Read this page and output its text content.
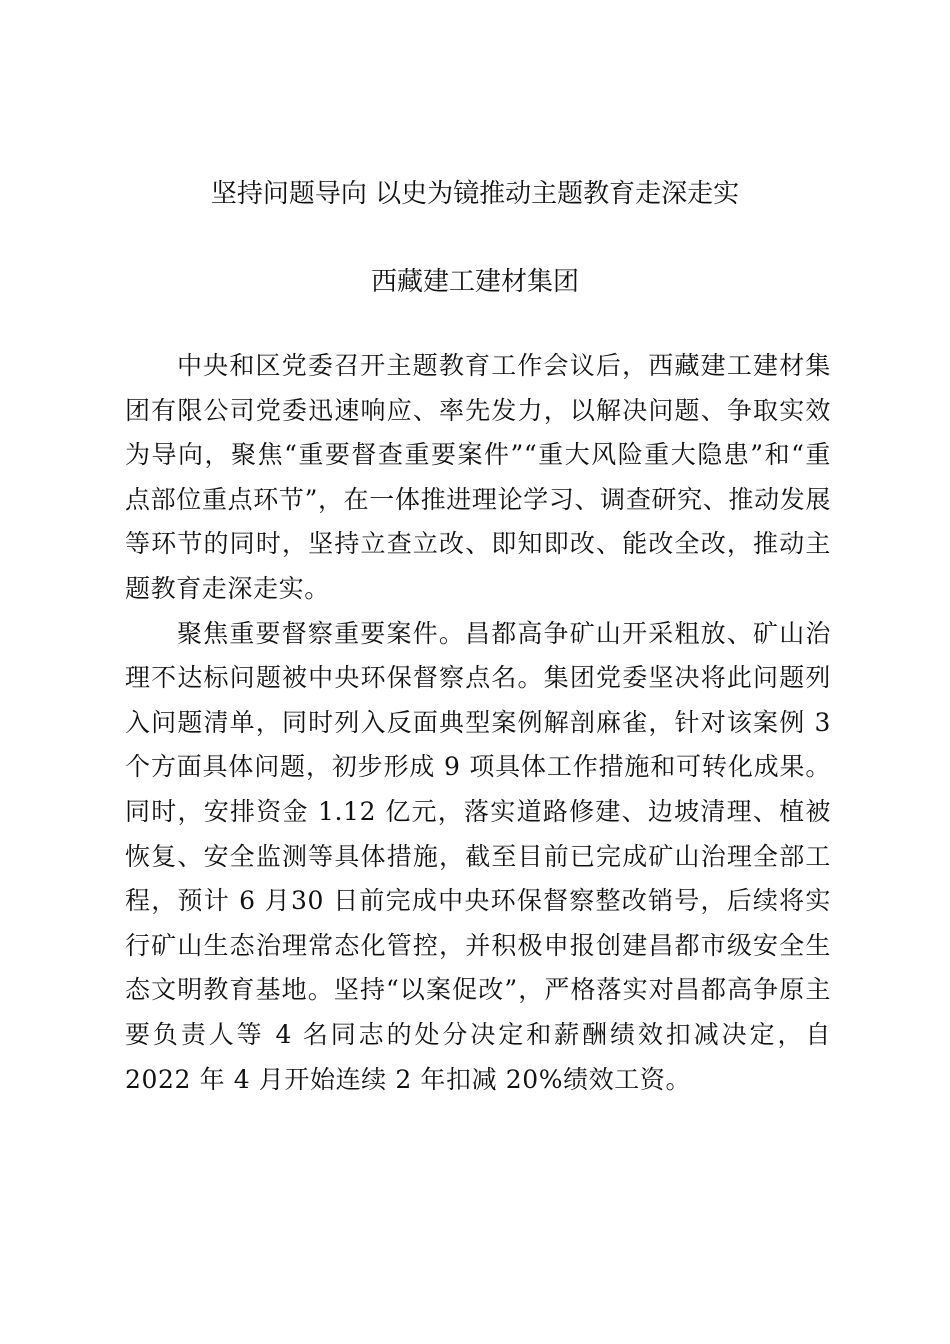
坚持问题导向 以史为镜推动主题教育走深走实
西藏建工建材集团

中央和区党委召开主题教育工作会议后，西藏建工建材集团有限公司党委迅速响应、率先发力，以解决问题、争取实效为导向，聚焦“重要督查重要案件”“重大风险重大隐患”和“重点部位重点环节”，在一体推进理论学习、调查研究、推动发展等环节的同时，坚持立查立改、即知即改、能改全改，推动主题教育走深走实。

聚焦重要督察重要案件。昌都高争矿山开采粗放、矿山治理不达标问题被中央环保督察点名。集团党委坚决将此问题列入问题清单，同时列入反面典型案例解剖麻雀，针对该案例 3 个方面具体问题，初步形成 9 项具体工作措施和可转化成果。同时，安排资金 1.12 亿元，落实道路修建、边坡清理、植被恢复、安全监测等具体措施，截至目前已完成矿山治理全部工程，预计 6 月30 日前完成中央环保督察整改销号，后续将实行矿山生态治理常态化管控，并积极申报创建昌都市级安全生态文明教育基地。坚持“以案促改”，严格落实对昌都高争原主要负责人等 4 名同志的处分决定和薪酬绩效扣减决定，自 2022 年 4 月开始连续 2 年扣减 20%绩效工资。
